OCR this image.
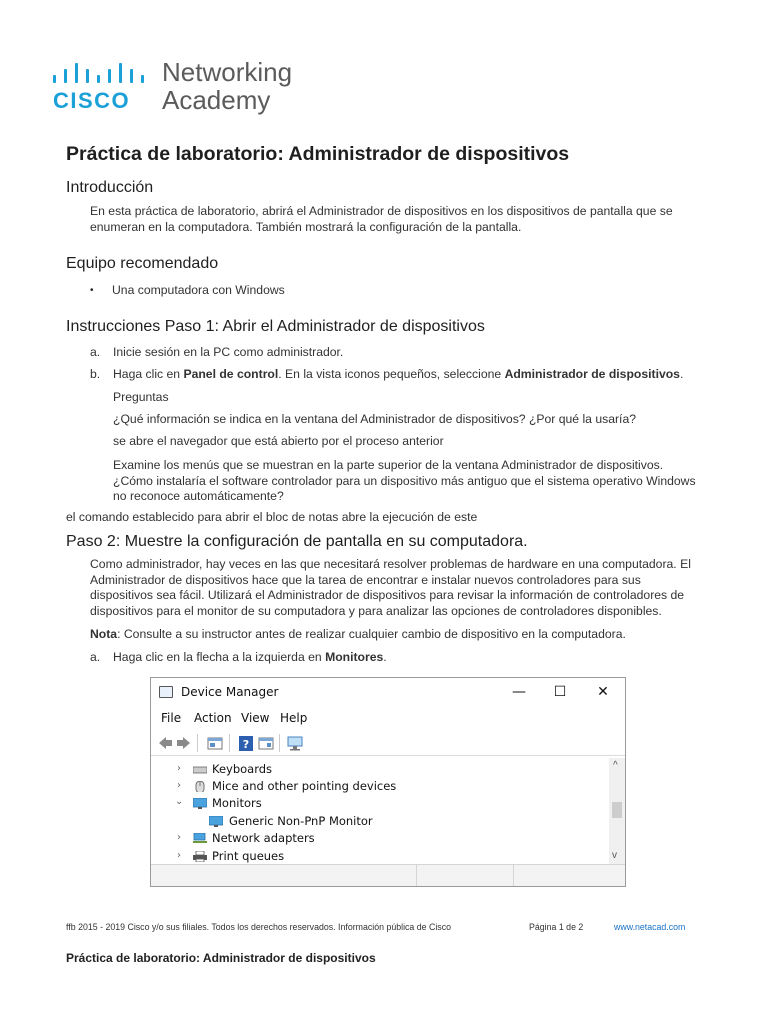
CISCO
Networking
Academy
Práctica de laboratorio: Administrador de dispositivos
Introducción

En esta práctica de laboratorio, abrirá el Administrador de dispositivos en los dispositivos de pantalla que se enumeran en la computadora. También mostrará la configuración de la pantalla.

Equipo recomendado
• Una computadora con Windows

Instrucciones Paso 1: Abrir el Administrador de dispositivos
a. Inicie sesión en la PC como administrador.

b. Haga clic en Panel de control. En la vista iconos pequeños, seleccione Administrador de dispositivos.

Preguntas

¿Qué información se indica en la ventana del Administrador de dispositivos? ¿Por qué la usaría?

se abre el navegador que está abierto por el proceso anterior

Examine los menús que se muestran en la parte superior de la ventana Administrador de dispositivos. ¿Cómo instalaría el software controlador para un dispositivo más antiguo que el sistema operativo Windows no reconoce automáticamente?

el comando establecido para abrir el bloc de notas abre la ejecución de este

Paso 2: Muestre la configuración de pantalla en su computadora.

Como administrador, hay veces en las que necesitará resolver problemas de hardware en una computadora. El Administrador de dispositivos hace que la tarea de encontrar e instalar nuevos controladores para sus dispositivos sea fácil. Utilizará el Administrador de dispositivos para revisar la información de controladores de dispositivos para el monitor de su computadora y para analizar las opciones de controladores disponibles.

Nota: Consulte a su instructor antes de realizar cualquier cambio de dispositivo en la computadora.

a. Haga clic en la flecha a la izquierda en Monitores.

Device Manager	—	☐	✕
File Action View Help
?
›	Keyboards
›	Mice and other pointing devices
⌄ Monitors
Generic Non-PnP Monitor
›	Network adapters
›	Print queues
^
v
ffb 2015 - 2019 Cisco y/o sus filiales. Todos los derechos reservados. Información pública de Cisco	Página 1 de 2	www.netacad.com
Práctica de laboratorio: Administrador de dispositivos
